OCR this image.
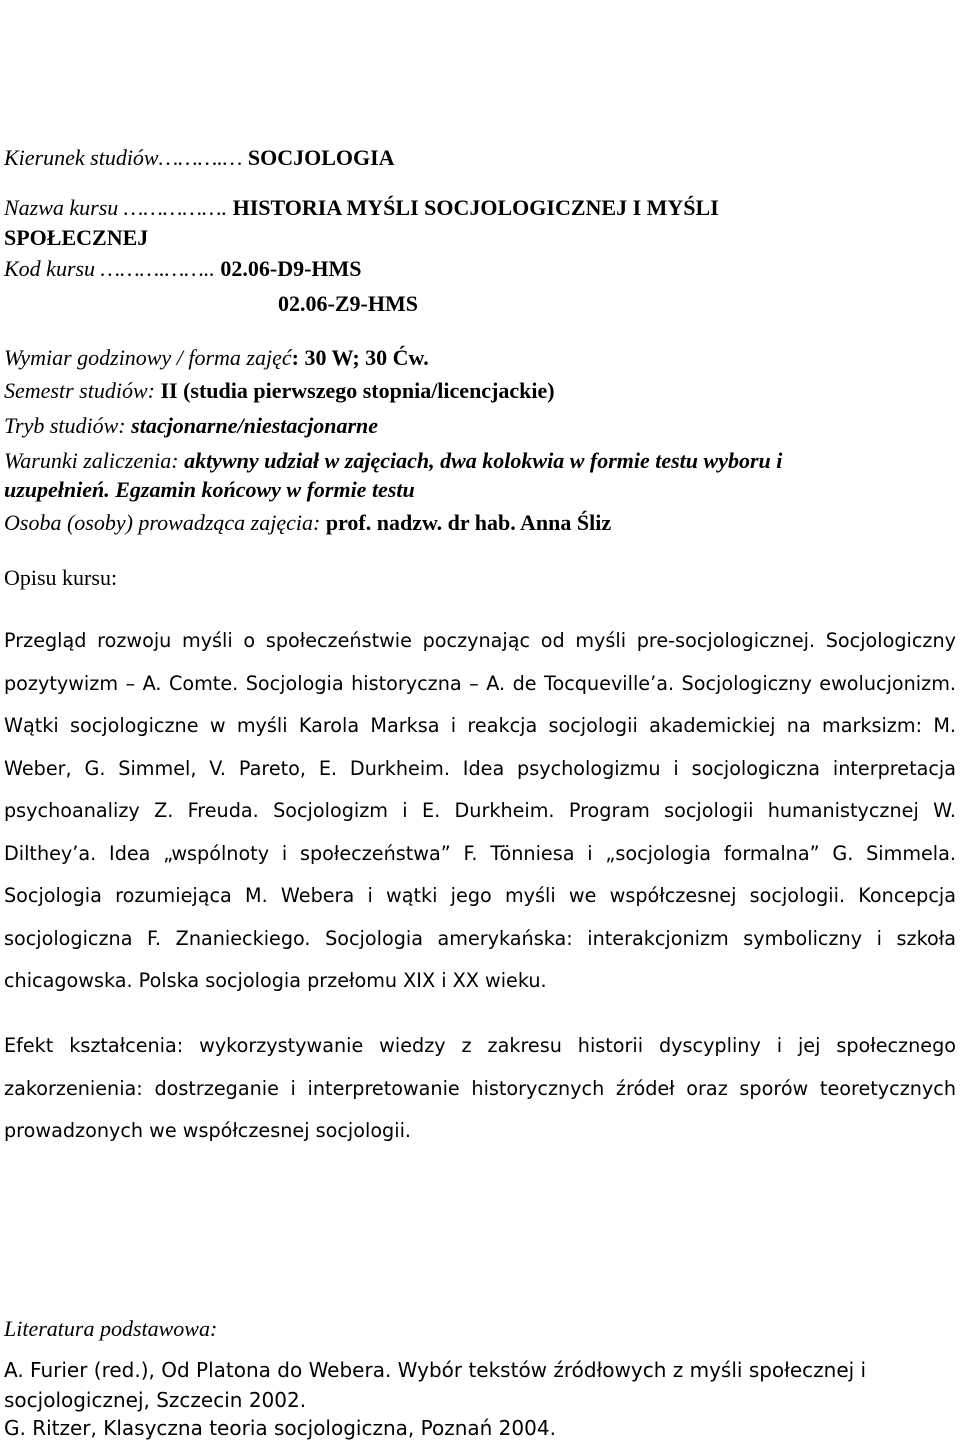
Kierunek studiów……….… SOCJOLOGIA
Nazwa kursu ……………. HISTORIA MYŚLI SOCJOLOGICZNEJ I MYŚLI
SPOŁECZNEJ
Kod kursu ……….…….. 02.06-D9-HMS
02.06-Z9-HMS
Wymiar godzinowy / forma zajęć: 30 W; 30 Ćw.
Semestr studiów: II (studia pierwszego stopnia/licencjackie)
Tryb studiów: stacjonarne/niestacjonarne
Warunki zaliczenia: aktywny udział w zajęciach, dwa kolokwia w formie testu wyboru i
uzupełnień. Egzamin końcowy w formie testu
Osoba (osoby) prowadząca zajęcia: prof. nadzw. dr hab. Anna Śliz
Opisu kursu:
Przegląd rozwoju myśli o społeczeństwie poczynając od myśli pre-socjologicznej. Socjologiczny pozytywizm – A. Comte. Socjologia historyczna – A. de Tocqueville’a. Socjologiczny ewolucjonizm. Wątki socjologiczne w myśli Karola Marksa i reakcja socjologii akademickiej na marksizm: M. Weber, G. Simmel, V. Pareto, E. Durkheim. Idea psychologizmu i socjologiczna interpretacja psychoanalizy Z. Freuda. Socjologizm i E. Durkheim. Program socjologii humanistycznej W. Dilthey’a. Idea „wspólnoty i społeczeństwa” F. Tönniesa i „socjologia formalna” G. Simmela. Socjologia rozumiejąca M. Webera i wątki jego myśli we współczesnej socjologii. Koncepcja socjologiczna F. Znanieckiego. Socjologia amerykańska: interakcjonizm symboliczny i szkoła chicagowska. Polska socjologia przełomu XIX i XX wieku.
Efekt kształcenia: wykorzystywanie wiedzy z zakresu historii dyscypliny i jej społecznego zakorzenienia: dostrzeganie i interpretowanie historycznych źródeł oraz sporów teoretycznych prowadzonych we współczesnej socjologii.
Literatura podstawowa:
A. Furier (red.), Od Platona do Webera. Wybór tekstów źródłowych z myśli społecznej i socjologicznej, Szczecin 2002.
G. Ritzer, Klasyczna teoria socjologiczna, Poznań 2004.
